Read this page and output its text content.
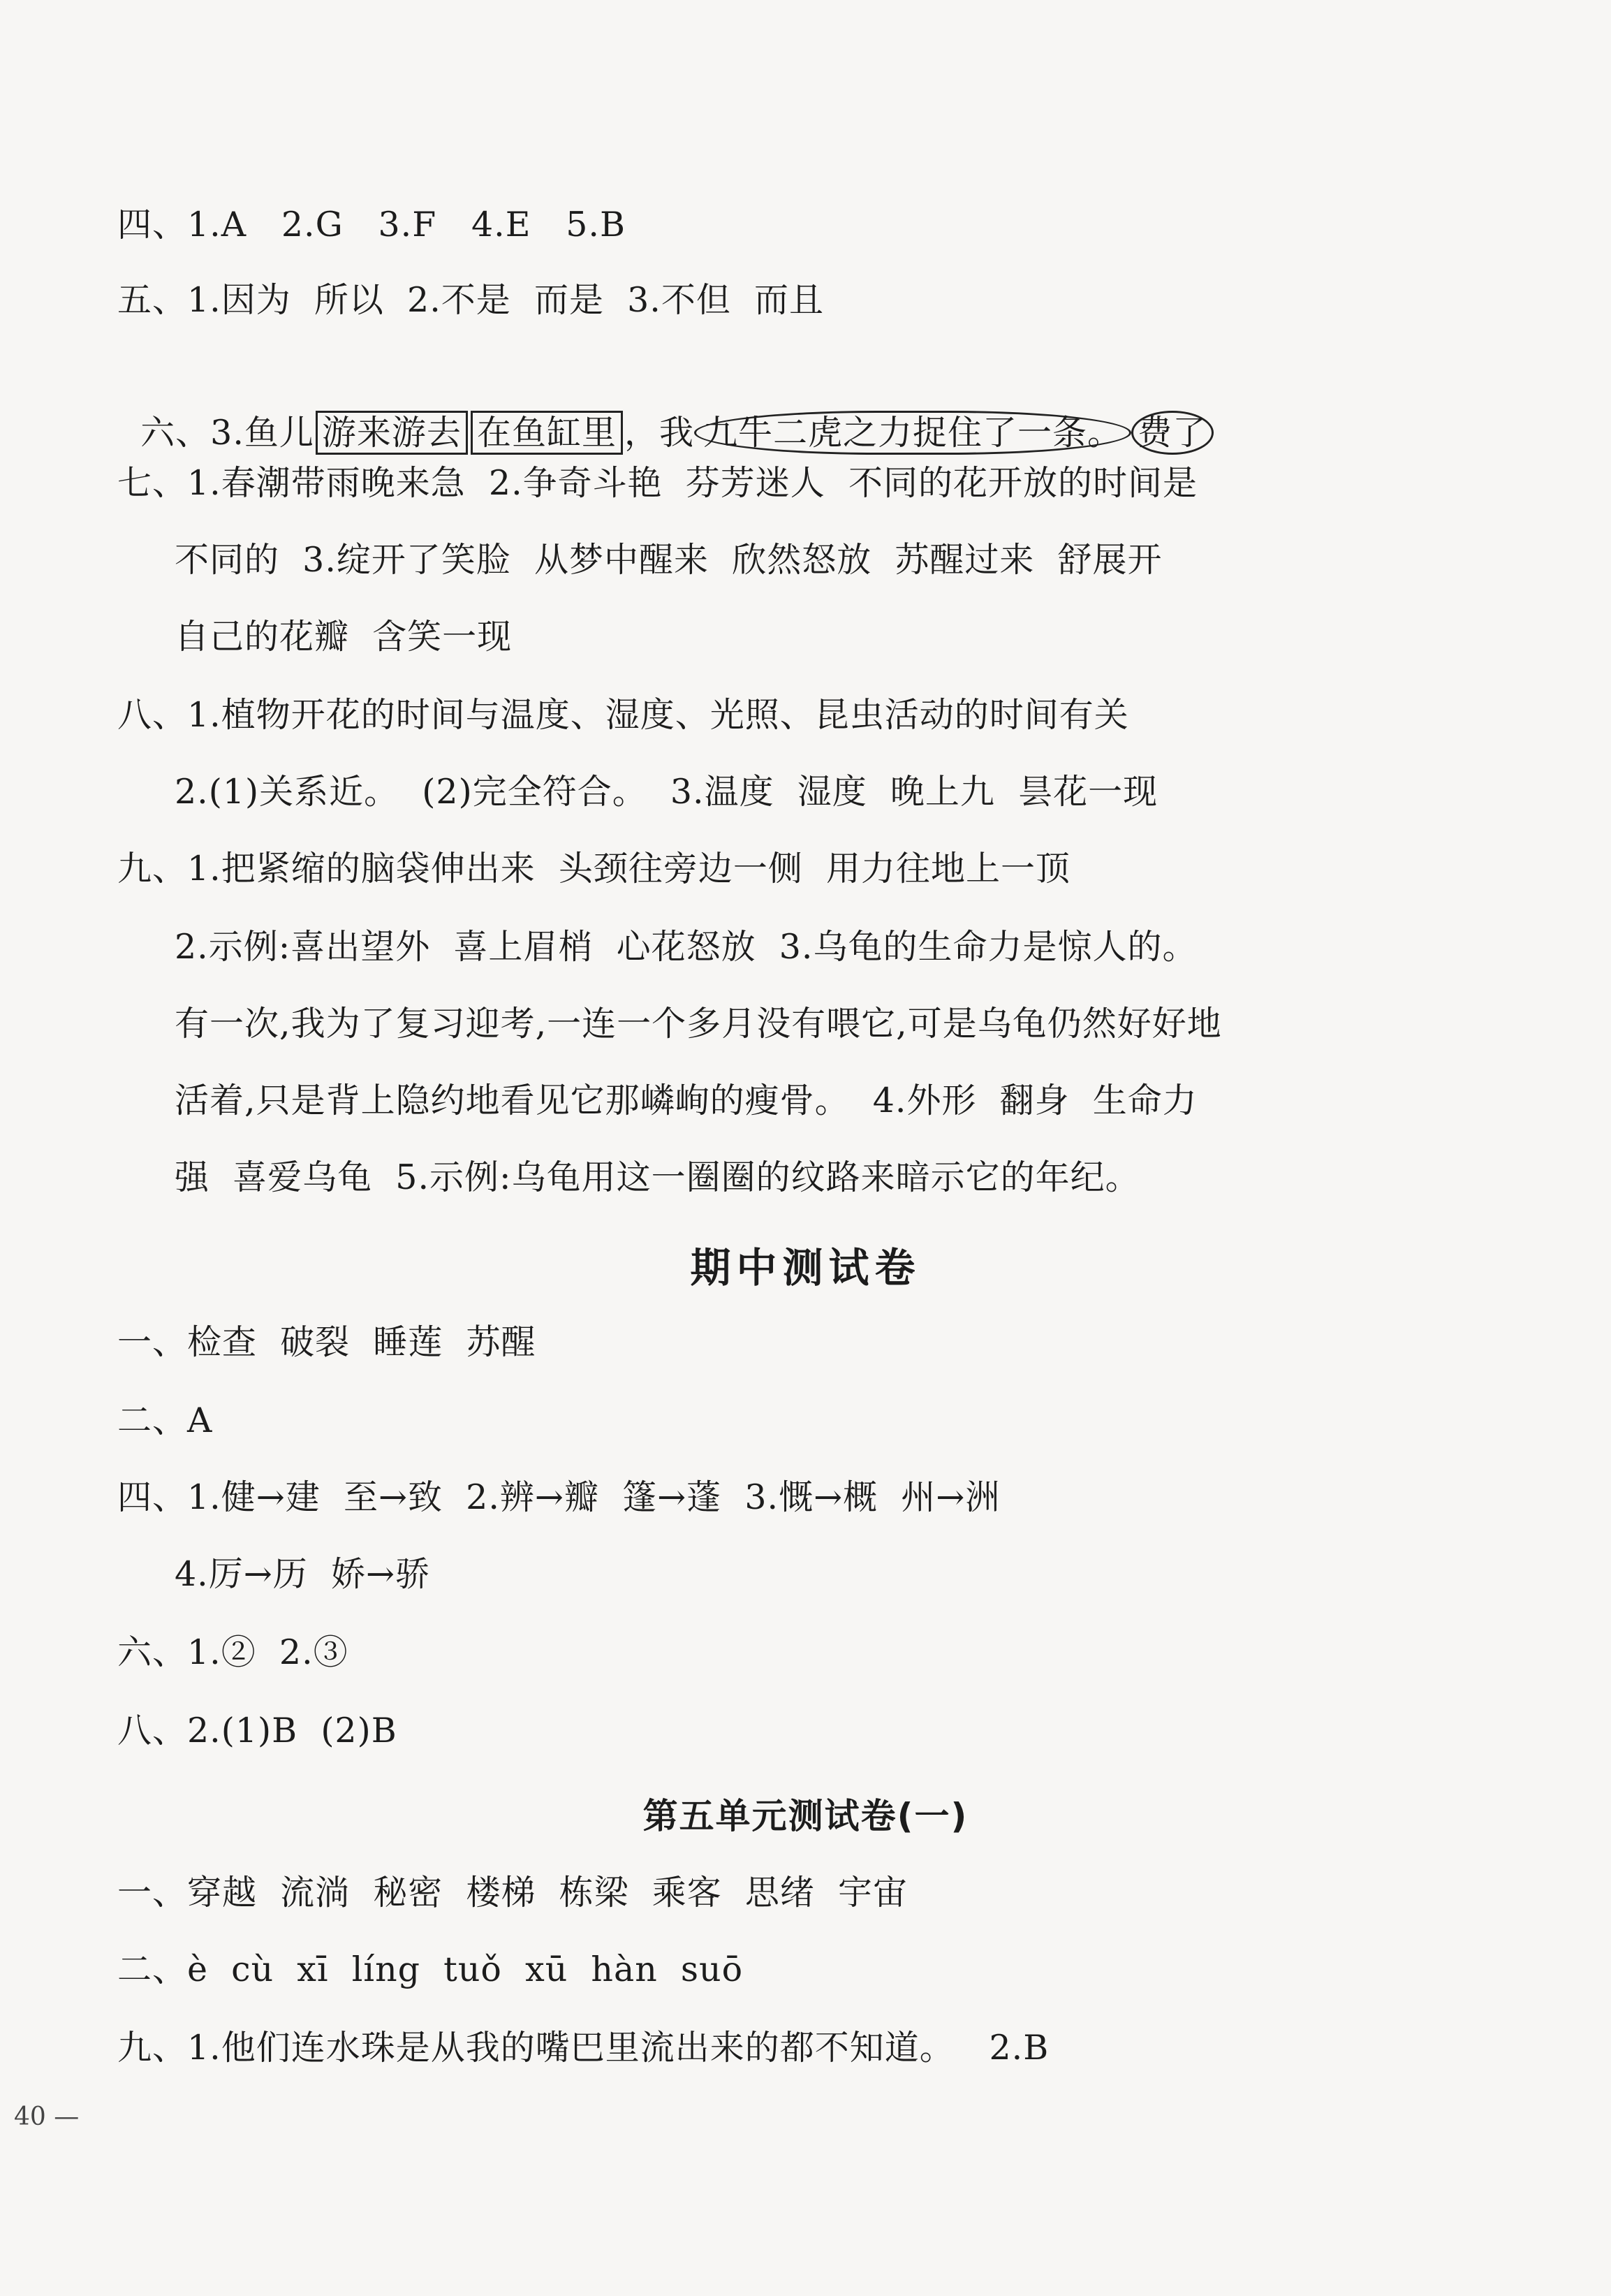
四、1.A   2.G   3.F   4.E   5.B
五、1.因为  所以  2.不是  而是  3.不但  而且

六、3.鱼儿 游来游去 在鱼缸里 ，我 九牛二虎之力捉住了一条。 费了

七、1.春潮带雨晚来急  2.争奇斗艳  芬芳迷人  不同的花开放的时间是
不同的  3.绽开了笑脸  从梦中醒来  欣然怒放  苏醒过来  舒展开
自己的花瓣  含笑一现
八、1.植物开花的时间与温度、湿度、光照、昆虫活动的时间有关
2.(1)关系近。  (2)完全符合。  3.温度  湿度  晚上九  昙花一现
九、1.把紧缩的脑袋伸出来  头颈往旁边一侧  用力往地上一顶
2.示例:喜出望外  喜上眉梢  心花怒放  3.乌龟的生命力是惊人的。
有一次,我为了复习迎考,一连一个多月没有喂它,可是乌龟仍然好好地
活着,只是背上隐约地看见它那嶙峋的瘦骨。  4.外形  翻身  生命力
强  喜爱乌龟  5.示例:乌龟用这一圈圈的纹路来暗示它的年纪。
期中测试卷
一、检查  破裂  睡莲  苏醒
二、A
四、1.健→建  至→致  2.辨→瓣  篷→蓬  3.慨→概  州→洲
4.厉→历  娇→骄
六、1.②  2.③
八、2.(1)B  (2)B
第五单元测试卷(一)
一、穿越  流淌  秘密  楼梯  栋梁  乘客  思绪  宇宙
二、è  cù  xī  líng  tuǒ  xū  hàn  suō
九、1.他们连水珠是从我的嘴巴里流出来的都不知道。   2.B
40 —
